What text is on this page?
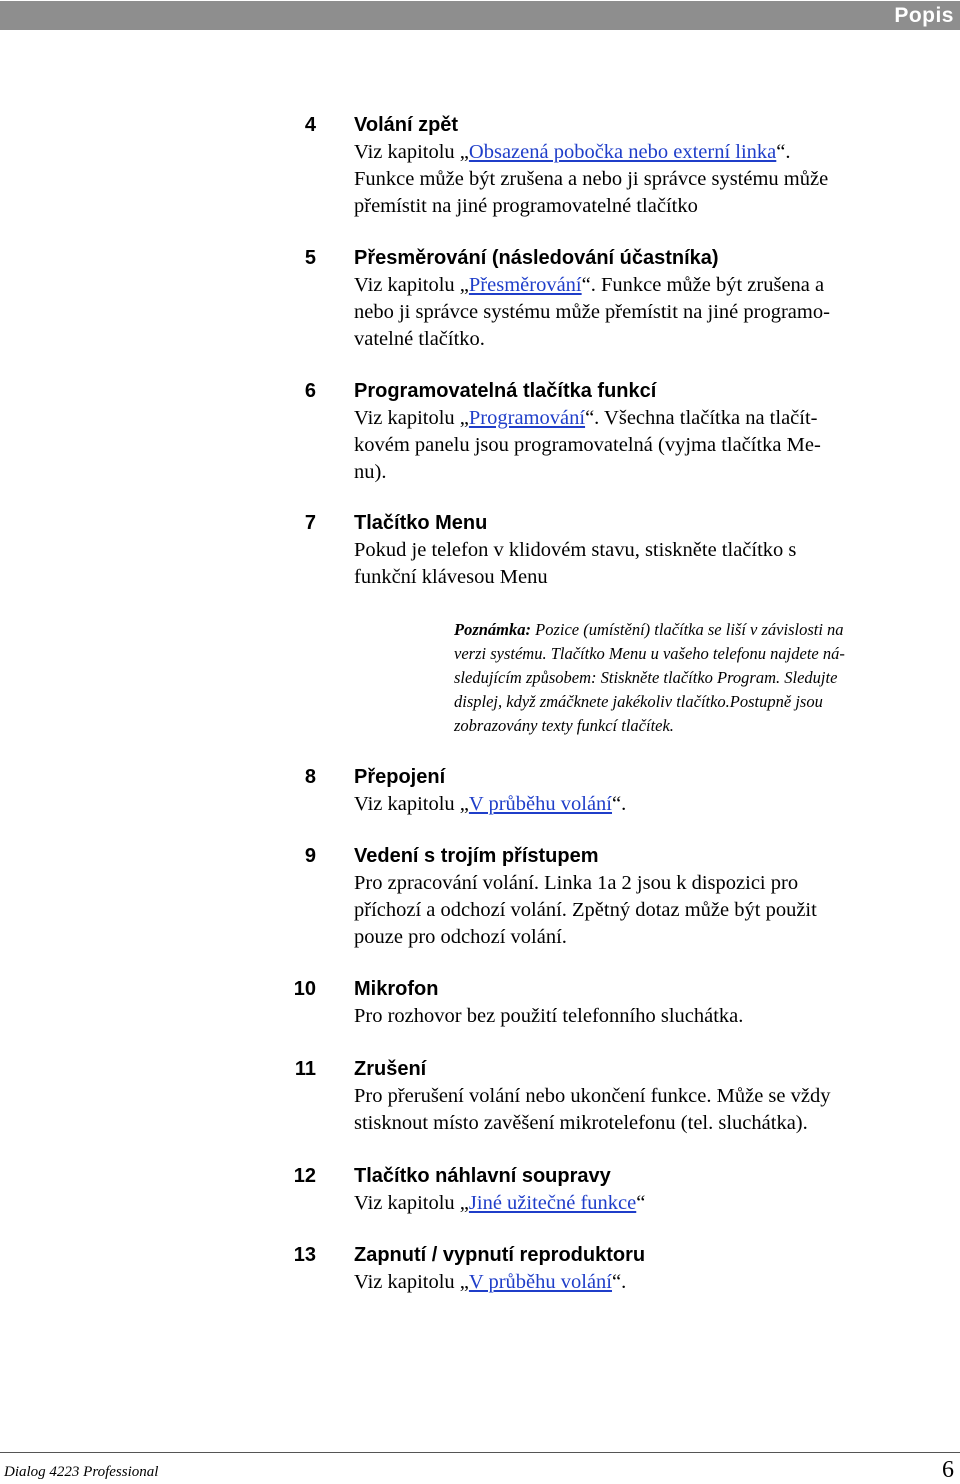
Popis
4 Volání zpět
Viz kapitolu „Obsazená pobočka nebo externí linka“.
Funkce může být zrušena a nebo ji správce systému může
přemístit na jiné programovatelné tlačítko
5 Přesměrování (následování účastníka)
Viz kapitolu „Přesměrování“. Funkce může být zrušena a
nebo ji správce systému může přemístit na jiné programo-
vatelné tlačítko.
6 Programovatelná tlačítka funkcí
Viz kapitolu „Programování“. Všechna tlačítka na tlačít-
kovém panelu jsou programovatelná (vyjma tlačítka Me-
nu).
7 Tlačítko Menu
Pokud je telefon v klidovém stavu, stiskněte tlačítko s
funkční klávesou Menu
Poznámka: Pozice (umístění) tlačítka se liší v závislosti na
verzi systému. Tlačítko Menu u vašeho telefonu najdete ná-
sledujícím způsobem: Stiskněte tlačítko Program. Sledujte
displej, když zmáčknete jakékoliv tlačítko.Postupně jsou
zobrazovány texty funkcí tlačítek.
8 Přepojení
Viz kapitolu „V průběhu volání“.
9 Vedení s trojím přístupem
Pro zpracování volání. Linka 1a 2 jsou k dispozici pro
příchozí a odchozí volání. Zpětný dotaz může být použit
pouze pro odchozí volání.
10 Mikrofon
Pro rozhovor bez použití telefonního sluchátka.
11 Zrušení
Pro přerušení volání nebo ukončení funkce. Může se vždy
stisknout místo zavěšení mikrotelefonu (tel. sluchátka).
12 Tlačítko náhlavní soupravy
Viz kapitolu „Jiné užitečné funkce“
13 Zapnutí / vypnutí reproduktoru
Viz kapitolu „V průběhu volání“.
Dialog 4223 Professional	6
